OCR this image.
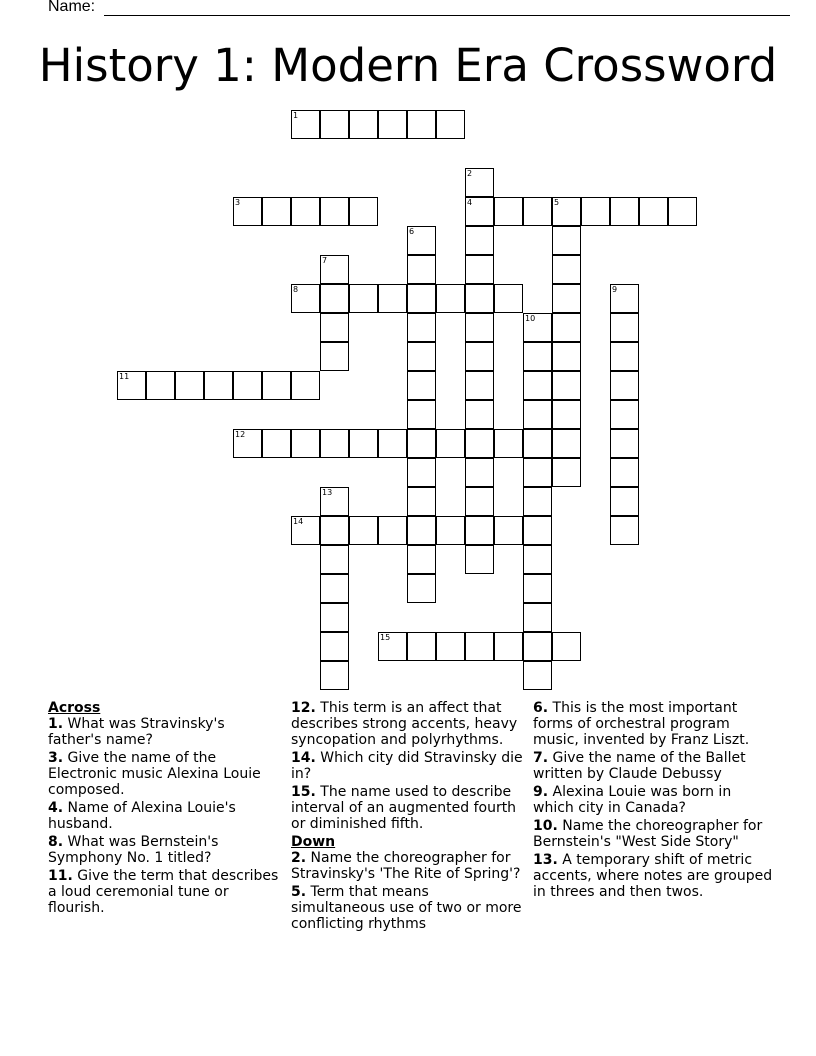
Name:
History 1: Modern Era Crossword
1
2
4
3	5
6
7
8	9
10
11
12
13
14
15
Across
1. What was Stravinsky's father's name?
3. Give the name of the Electronic music Alexina Louie composed.
4. Name of Alexina Louie's husband.
8. What was Bernstein's Symphony No. 1 titled?
11. Give the term that describes a loud ceremonial tune or flourish.
12. This term is an affect that describes strong accents, heavy syncopation and polyrhythms.
14. Which city did Stravinsky die in?
15. The name used to describe interval of an augmented fourth or diminished fifth.
Down
2. Name the choreographer for Stravinsky's 'The Rite of Spring'?
5. Term that means simultaneous use of two or more conflicting rhythms
6. This is the most important forms of orchestral program music, invented by Franz Liszt.
7. Give the name of the Ballet written by Claude Debussy
9. Alexina Louie was born in which city in Canada?
10. Name the choreographer for Bernstein's "West Side Story"
13. A temporary shift of metric accents, where notes are grouped in threes and then twos.
